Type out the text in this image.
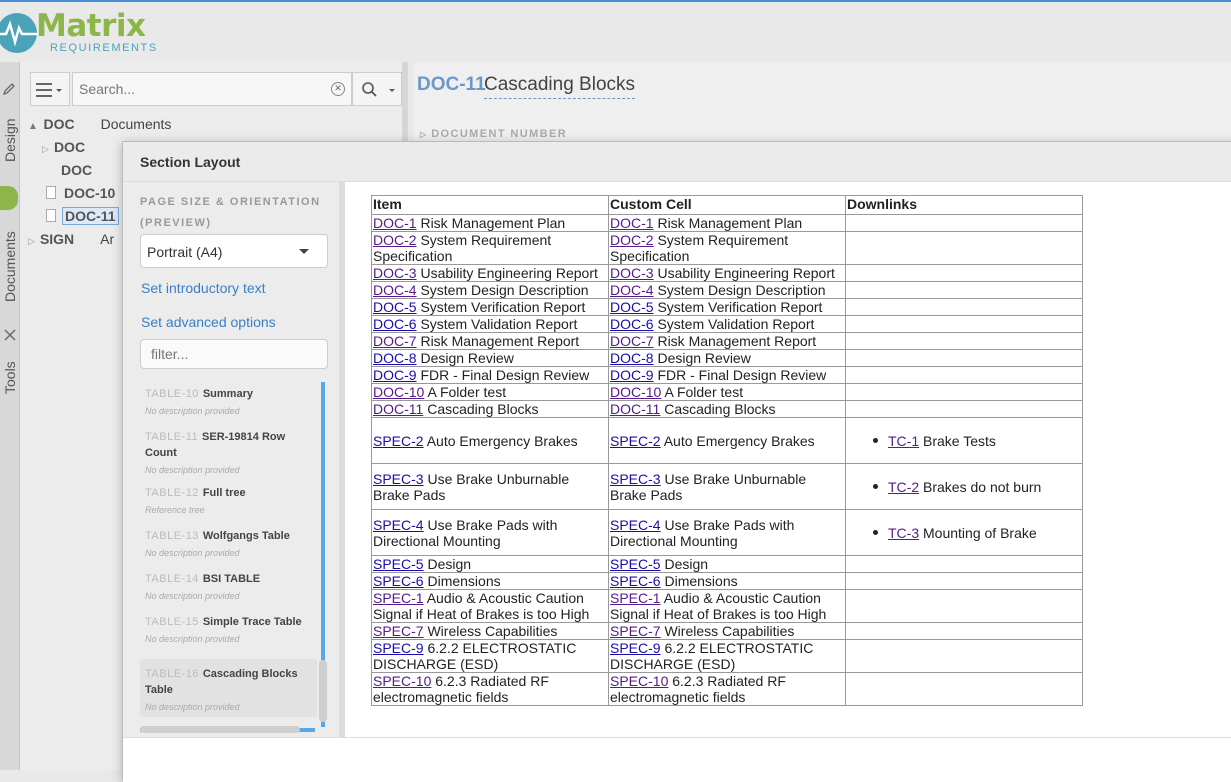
Matrix
REQUIREMENTS
Design
Documents
Tools
Search...
✕
▲  DOC Documents
▷  DOC
DOC
DOC-10
DOC-11
▷  SIGN Ar
DOC-11
Cascading Blocks
▷ DOCUMENT NUMBER
Section Layout
PAGE SIZE & ORIENTATION (PREVIEW)
Portrait (A4)
Set introductory text
Set advanced options
filter...
TABLE-10 Summary
No description provided
TABLE-11 SER-19814 Row Count
No description provided
TABLE-12 Full tree
Reference tree
TABLE-13 Wolfgangs Table
No description provided
TABLE-14 BSI TABLE
No description provided
TABLE-15 Simple Trace Table
No description provided
TABLE-16 Cascading Blocks Table
No description provided
Item	Custom Cell	Downlinks
DOC-1 Risk Management Plan	DOC-1 Risk Management Plan	
DOC-2 System Requirement Specification	DOC-2 System Requirement Specification	
DOC-3 Usability Engineering Report	DOC-3 Usability Engineering Report	
DOC-4 System Design Description	DOC-4 System Design Description	
DOC-5 System Verification Report	DOC-5 System Verification Report	
DOC-6 System Validation Report	DOC-6 System Validation Report	
DOC-7 Risk Management Report	DOC-7 Risk Management Report	
DOC-8 Design Review	DOC-8 Design Review	
DOC-9 FDR - Final Design Review	DOC-9 FDR - Final Design Review	
DOC-10 A Folder test	DOC-10 A Folder test	
DOC-11 Cascading Blocks	DOC-11 Cascading Blocks	
SPEC-2 Auto Emergency Brakes	SPEC-2 Auto Emergency Brakes	TC-1
Brake Tests

SPEC-3 Use Brake Unburnable Brake Pads	SPEC-3 Use Brake Unburnable Brake Pads	TC-2
Brakes do not burn

SPEC-4 Use Brake Pads with Directional Mounting	SPEC-4 Use Brake Pads with Directional Mounting	TC-3
Mounting of Brake

SPEC-5 Design	SPEC-5 Design	
SPEC-6 Dimensions	SPEC-6 Dimensions	
SPEC-1 Audio & Acoustic Caution Signal if Heat of Brakes is too High	SPEC-1 Audio & Acoustic Caution Signal if Heat of Brakes is too High	
SPEC-7 Wireless Capabilities	SPEC-7 Wireless Capabilities	
SPEC-9 6.2.2 ELECTROSTATIC DISCHARGE (ESD)	SPEC-9 6.2.2 ELECTROSTATIC DISCHARGE (ESD)	
SPEC-10 6.2.3 Radiated RF electromagnetic fields	SPEC-10 6.2.3 Radiated RF electromagnetic fields	
